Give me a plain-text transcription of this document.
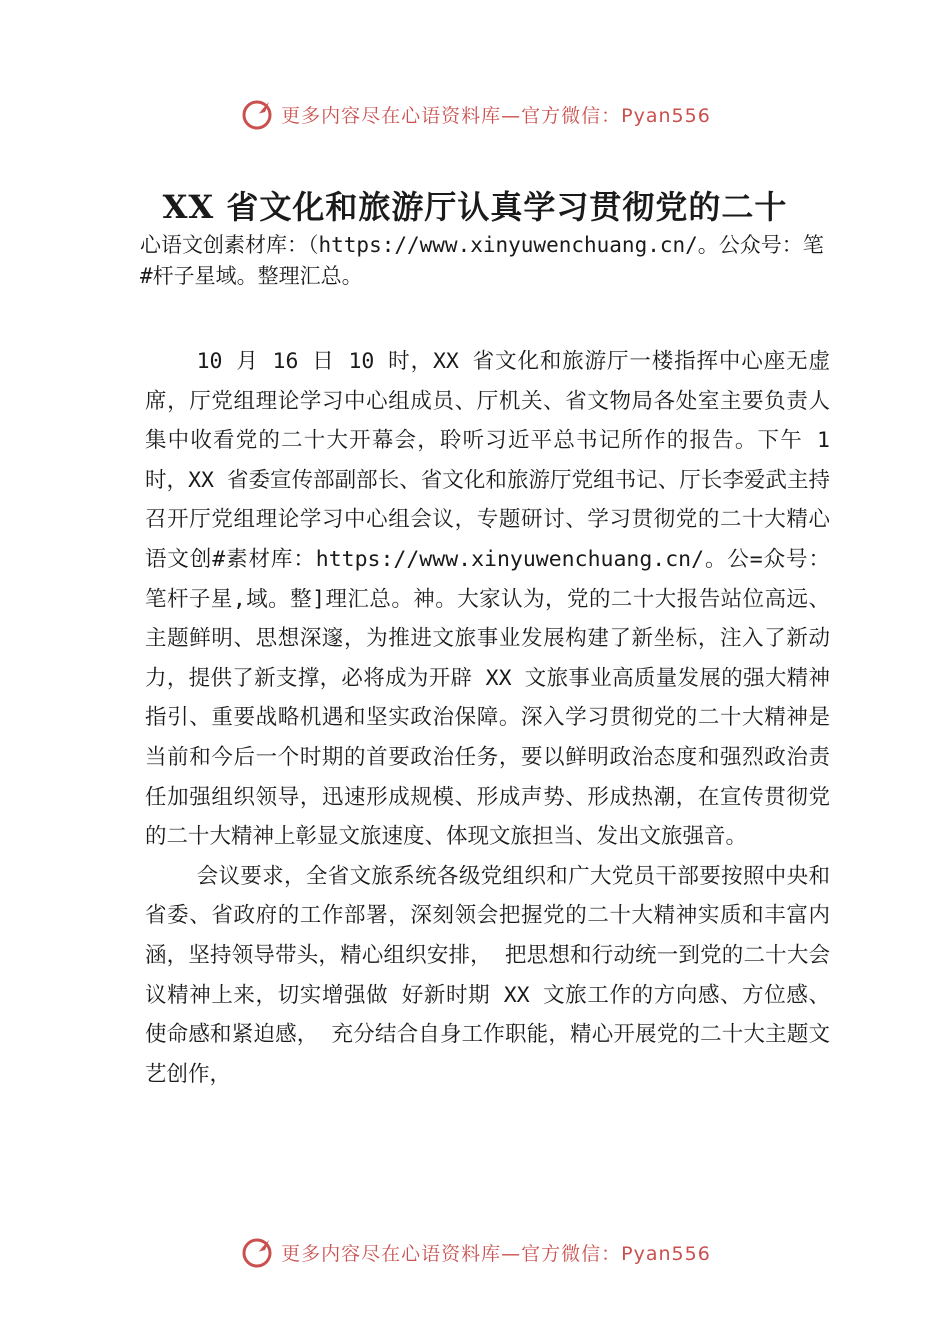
更多内容尽在心语资料库—官方微信：Pyan556
XX 省文化和旅游厅认真学习贯彻党的二十

心语文创素材库：（https://www.xinyuwenchuang.cn/。公众号：笔#杆子星域。整理汇总。

10 月 16 日 10 时，XX 省文化和旅游厅一楼指挥中心座无虚席，厅党组理论学习中心组成员、厅机关、省文物局各处室主要负责人集中收看党的二十大开幕会，聆听习近平总书记所作的报告。下午 1 时，XX 省委宣传部副部长、省文化和旅游厅党组书记、厅长李爱武主持召开厅党组理论学习中心组会议，专题研讨、学习贯彻党的二十大精心语文创#素材库：https://www.xinyuwenchuang.cn/。公=众号：笔杆子星,域。整]理汇总。神。大家认为，党的二十大报告站位高远、主题鲜明、思想深邃，为推进文旅事业发展构建了新坐标，注入了新动力，提供了新支撑，必将成为开辟 XX 文旅事业高质量发展的强大精神指引、重要战略机遇和坚实政治保障。深入学习贯彻党的二十大精神是当前和今后一个时期的首要政治任务，要以鲜明政治态度和强烈政治责任加强组织领导，迅速形成规模、形成声势、形成热潮，在宣传贯彻党的二十大精神上彰显文旅速度、体现文旅担当、发出文旅强音。

会议要求，全省文旅系统各级党组织和广大党员干部要按照中央和省委、省政府的工作部署，深刻领会把握党的二十大精神实质和丰富内涵，坚持领导带头，精心组织安排， 把思想和行动统一到党的二十大会议精神上来，切实增强做 好新时期 XX 文旅工作的方向感、方位感、使命感和紧迫感， 充分结合自身工作职能，精心开展党的二十大主题文艺创作，

更多内容尽在心语资料库—官方微信：Pyan556
